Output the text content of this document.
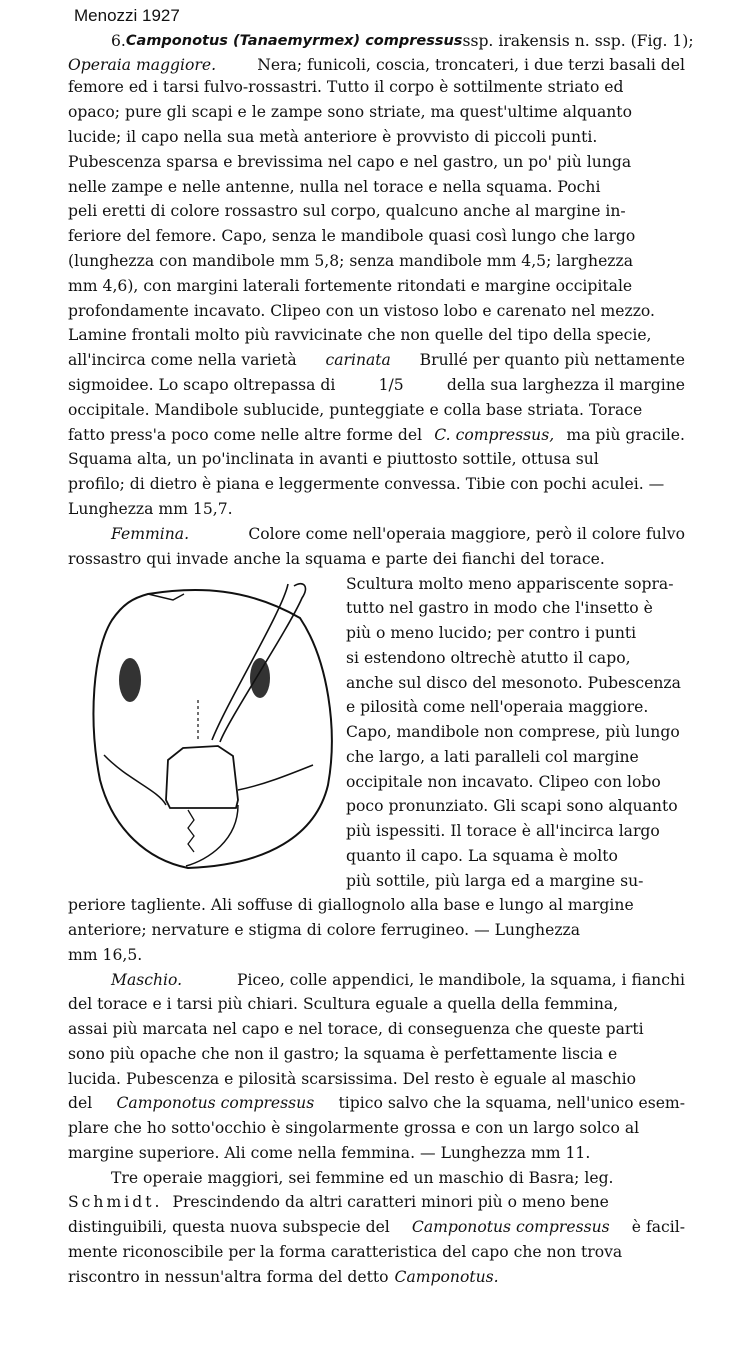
Menozzi 1927
6. Camponotus (Tanaemyrmex) compressus ssp. irakensis n. ssp. (Fig. 1);
Operaia maggiore.	Nera; funicoli, coscia, troncateri, i due terzi basali del
femore ed i tarsi fulvo-rossastri. Tutto il corpo è sottilmente striato ed
opaco; pure gli scapi e le zampe sono striate, ma quest'ultime alquanto
lucide; il capo nella sua metà anteriore è provvisto di piccoli punti.
Pubescenza sparsa e brevissima nel capo e nel gastro, un po' più lunga
nelle zampe e nelle antenne, nulla nel torace e nella squama. Pochi
peli eretti di colore rossastro sul corpo, qualcuno anche al margine in-
feriore del femore. Capo, senza le mandibole quasi così lungo che largo
(lunghezza con mandibole mm 5,8; senza mandibole mm 4,5; larghezza
mm 4,6), con margini laterali fortemente ritondati e margine occipitale
profondamente incavato. Clipeo con un vistoso lobo e carenato nel mezzo.
Lamine frontali molto più ravvicinate che non quelle del tipo della specie,
all'incirca come nella varietà carinata Brullé per quanto più nettamente
sigmoidee. Lo scapo oltrepassa di	1/5	della sua larghezza il margine
occipitale. Mandibole sublucide, punteggiate e colla base striata. Torace
fatto press'a poco come nelle altre forme del C. compressus, ma più gracile.
Squama alta, un po'inclinata in avanti e piuttosto sottile, ottusa sul
profilo; di dietro è piana e leggermente convessa. Tibie con pochi aculei. —
Lunghezza mm 15,7.
Femmina.	Colore come nell'operaia maggiore, però il colore fulvo
rossastro qui invade anche la squama e parte dei fianchi del torace.
Scultura molto meno appariscente sopra-
tutto nel gastro in modo che l'insetto è
più o meno lucido; per contro i punti
si estendono oltrechè atutto il capo,
anche sul disco del mesonoto. Pubescenza
e pilosità come nell'operaia maggiore.
Capo, mandibole non comprese, più lungo
che largo, a lati paralleli col margine
occipitale non incavato. Clipeo con lobo
poco pronunziato. Gli scapi sono alquanto
più ispessiti. Il torace è all'incirca largo
quanto il capo. La squama è molto
più sottile, più larga ed a margine su-
periore tagliente. Ali soffuse di giallognolo alla base e lungo al margine
anteriore; nervature e stigma di colore ferrugineo. — Lunghezza
mm 16,5.
Maschio.	Piceo, colle appendici, le mandibole, la squama, i fianchi
del torace e i tarsi più chiari. Scultura eguale a quella della femmina,
assai più marcata nel capo e nel torace, di conseguenza che queste parti
sono più opache che non il gastro; la squama è perfettamente liscia e
lucida. Pubescenza e pilosità scarsissima. Del resto è eguale al maschio
del Camponotus compressus tipico salvo che la squama, nell'unico esem-
plare che ho sotto'occhio è singolarmente grossa e con un largo solco al
margine superiore. Ali come nella femmina. — Lunghezza mm 11.
Tre operaie maggiori, sei femmine ed un maschio di Basra; leg.
Schmidt. Prescindendo da altri caratteri minori più o meno bene
distinguibili, questa nuova subspecie del Camponotus compressus è facil-
mente riconoscibile per la forma caratteristica del capo che non trova
riscontro in nessun'altra forma del detto Camponotus.
